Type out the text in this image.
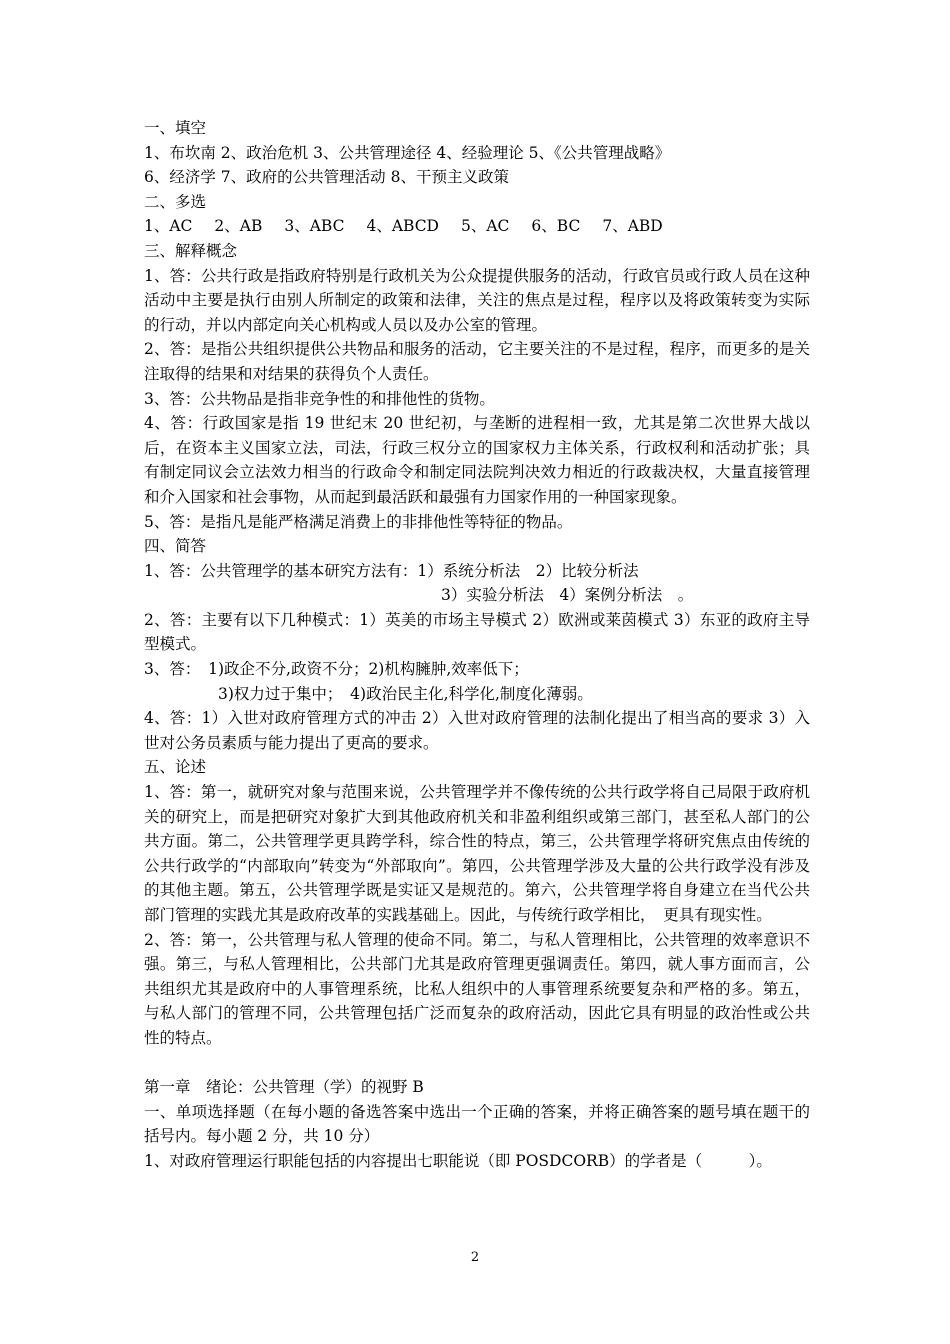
一、填空
1、布坎南 2、政治危机 3、公共管理途径 4、经验理论 5、《公共管理战略》
6、经济学 7、政府的公共管理活动 8、干预主义政策
二、多选
1、AC 2、AB 3、ABC 4、ABCD 5、AC 6、BC 7、ABD
三、解释概念
1、答：公共行政是指政府特别是行政机关为公众提提供服务的活动，行政官员或行政人员在这种活动中主要是执行由别人所制定的政策和法律，关注的焦点是过程，程序以及将政策转变为实际的行动，并以内部定向关心机构或人员以及办公室的管理。
2、答：是指公共组织提供公共物品和服务的活动，它主要关注的不是过程，程序，而更多的是关注取得的结果和对结果的获得负个人责任。
3、答：公共物品是指非竞争性的和排他性的货物。
4、答：行政国家是指 19 世纪末 20 世纪初，与垄断的进程相一致，尤其是第二次世界大战以后，在资本主义国家立法，司法，行政三权分立的国家权力主体关系，行政权利和活动扩张；具有制定同议会立法效力相当的行政命令和制定同法院判决效力相近的行政裁决权，大量直接管理和介入国家和社会事物，从而起到最活跃和最强有力国家作用的一种国家现象。
5、答：是指凡是能严格满足消费上的非排他性等特征的物品。
四、简答
1、答：公共管理学的基本研究方法有：1）系统分析法　2）比较分析法
3）实验分析法　4）案例分析法　。
2、答：主要有以下几种模式：1）英美的市场主导模式 2）欧洲或莱茵模式 3）东亚的政府主导型模式。
3、答：　1)政企不分,政资不分；2)机构臃肿,效率低下；
3)权力过于集中；　4)政治民主化,科学化,制度化薄弱。
4、答：1）入世对政府管理方式的冲击 2）入世对政府管理的法制化提出了相当高的要求 3）入世对公务员素质与能力提出了更高的要求。
五、论述
1、答：第一，就研究对象与范围来说，公共管理学并不像传统的公共行政学将自己局限于政府机关的研究上，而是把研究对象扩大到其他政府机关和非盈利组织或第三部门，甚至私人部门的公共方面。第二，公共管理学更具跨学科，综合性的特点，第三，公共管理学将研究焦点由传统的公共行政学的“内部取向”转变为“外部取向”。第四，公共管理学涉及大量的公共行政学没有涉及的其他主题。第五，公共管理学既是实证又是规范的。第六，公共管理学将自身建立在当代公共部门管理的实践尤其是政府改革的实践基础上。因此，与传统行政学相比，　更具有现实性。
2、答：第一，公共管理与私人管理的使命不同。第二，与私人管理相比，公共管理的效率意识不强。第三，与私人管理相比，公共部门尤其是政府管理更强调责任。第四，就人事方面而言，公共组织尤其是政府中的人事管理系统，比私人组织中的人事管理系统要复杂和严格的多。第五，与私人部门的管理不同，公共管理包括广泛而复杂的政府活动，因此它具有明显的政治性或公共性的特点。
第一章　绪论：公共管理（学）的视野 B
一、单项选择题（在每小题的备选答案中选出一个正确的答案，并将正确答案的题号填在题干的括号内。每小题 2 分，共 10 分）
1、对政府管理运行职能包括的内容提出七职能说（即 POSDCORB）的学者是（　　　）。
2
